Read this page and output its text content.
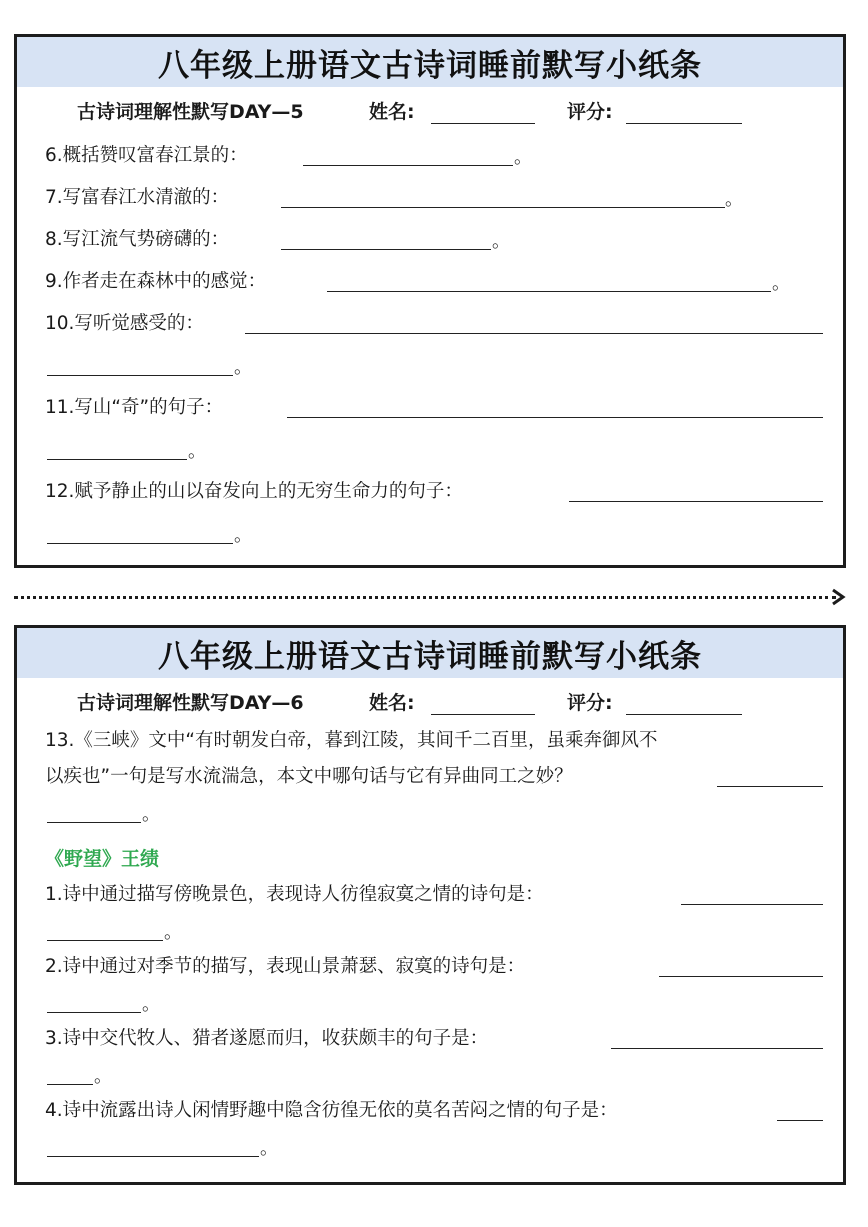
八年级上册语文古诗词睡前默写小纸条
古诗词理解性默写DAY—5	姓名:	评分:
6.概括赞叹富春江景的：	。
7.写富春江水清澈的：	。
8.写江流气势磅礴的：	。
9.作者走在森林中的感觉：	。
10.写听觉感受的：
。
11.写山“奇”的句子：
。
12.赋予静止的山以奋发向上的无穷生命力的句子：
。
八年级上册语文古诗词睡前默写小纸条
古诗词理解性默写DAY—6	姓名:	评分:
13.《三峡》文中“有时朝发白帝，暮到江陵，其间千二百里，虽乘奔御风不
以疾也”一句是写水流湍急，本文中哪句话与它有异曲同工之妙？
。
《野望》王绩
1.诗中通过描写傍晚景色，表现诗人彷徨寂寞之情的诗句是：
。
2.诗中通过对季节的描写，表现山景萧瑟、寂寞的诗句是：
。
3.诗中交代牧人、猎者遂愿而归，收获颇丰的句子是：
。
4.诗中流露出诗人闲情野趣中隐含彷徨无依的莫名苦闷之情的句子是：
。
